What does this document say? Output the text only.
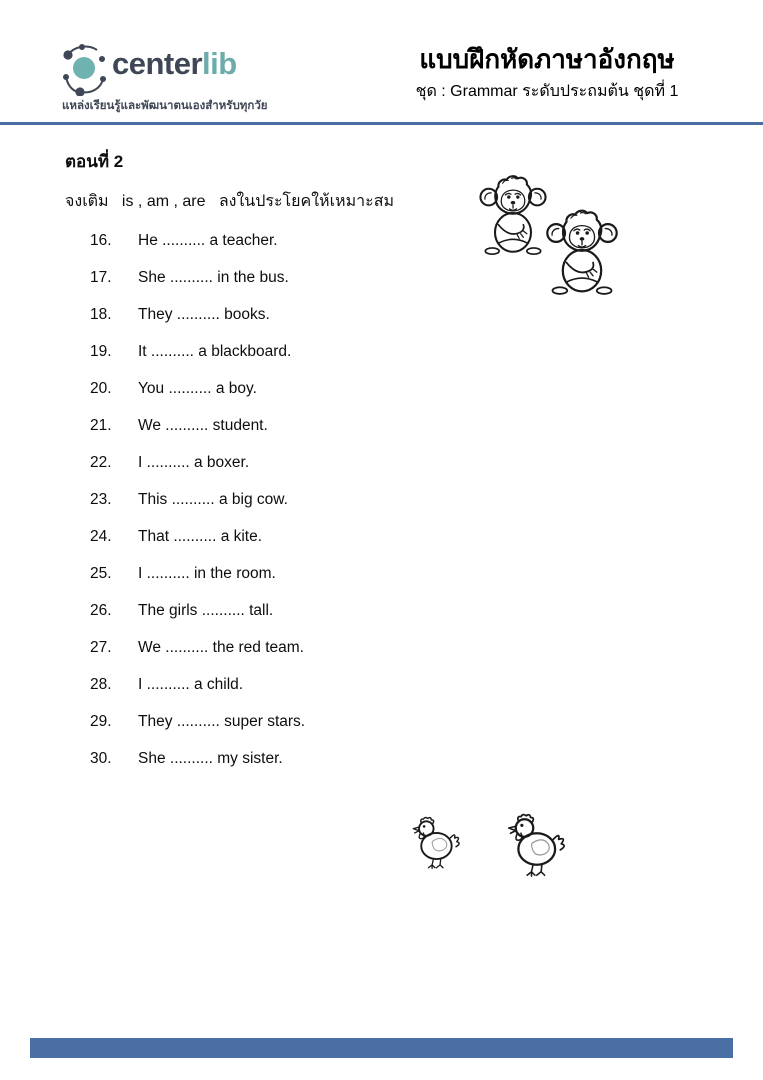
centerlib
แหล่งเรียนรู้และพัฒนาตนเองสำหรับทุกวัย
แบบฝึกหัดภาษาอังกฤษ
ชุด : Grammar ระดับประถมต้น ชุดที่ 1
ตอนที่ 2
จงเติม   is , am , are   ลงในประโยคให้เหมาะสม
16.	He .......... a teacher.
17.	She .......... in the bus.
18.	They .......... books.
19.	It .......... a blackboard.
20.	You .......... a boy.
21.	We .......... student.
22.	I .......... a boxer.
23.	This .......... a big cow.
24.	That .......... a kite.
25.	I .......... in the room.
26.	The girls .......... tall.
27.	We .......... the red team.
28.	I .......... a child.
29.	They .......... super stars.
30.	She .......... my sister.
